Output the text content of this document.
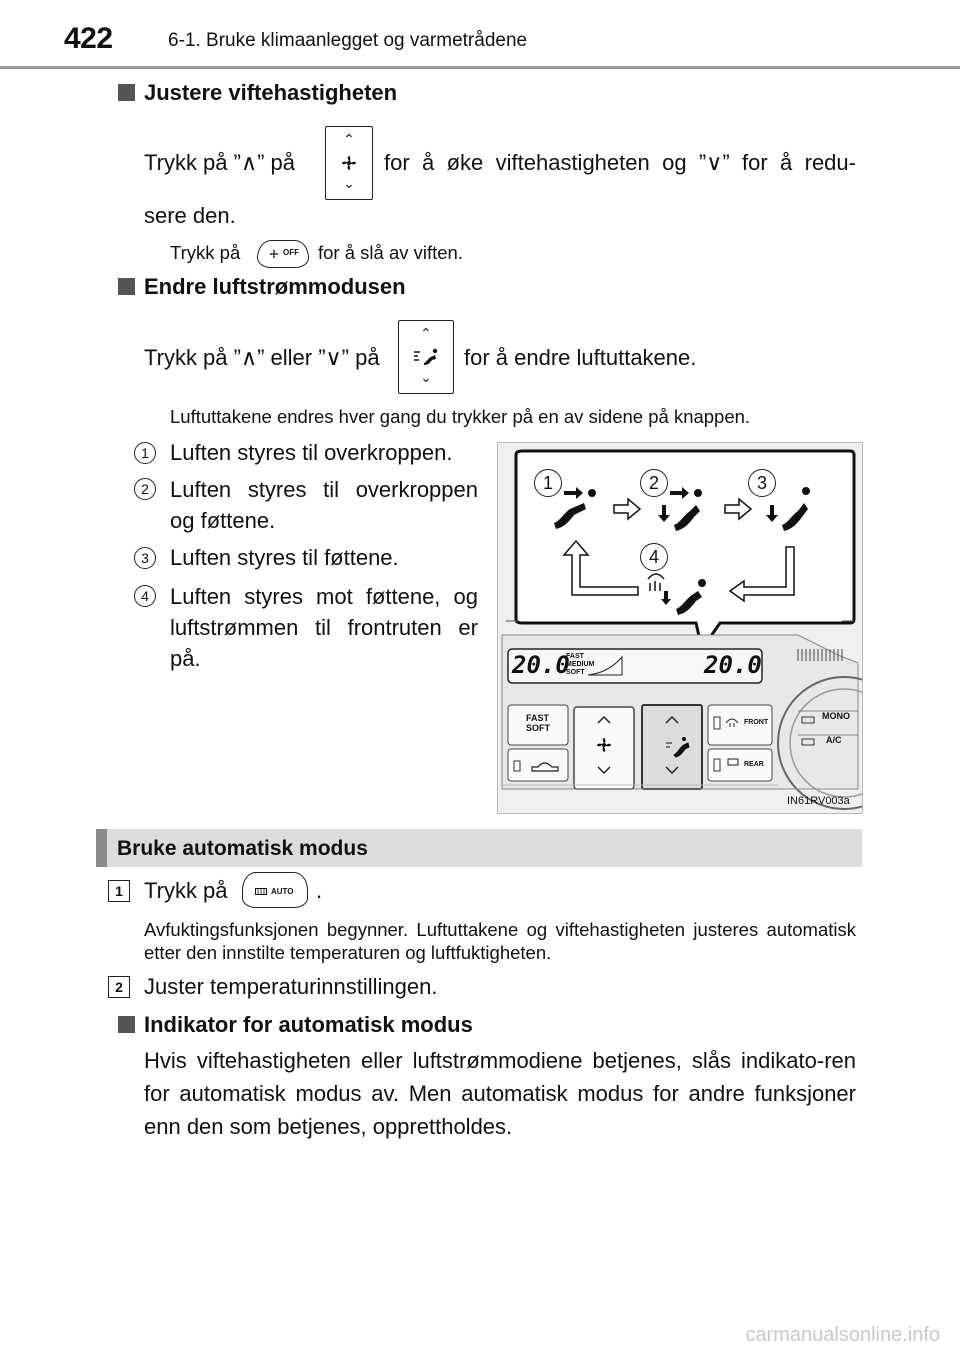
422	6-1. Bruke klimaanlegget og varmetrådene
Justere viftehastigheten
Trykk på ”∧” på
⌃
⌄
for å øke viftehastigheten og ”∨” for å redu-
sere den.
Trykk på	OFF for å slå av viften.
Endre luftstrømmodusen
Trykk på ”∧” eller ”∨” på
⌃
⌄
for å endre luftuttakene.
Luftuttakene endres hver gang du trykker på en av sidene på knappen.
1 Luften styres til overkroppen.
2 Luften styres til overkroppen
og føttene.
3 Luften styres til føttene.
4 Luften styres mot føttene, og
luftstrømmen til frontruten er
på.
1	2	3
4
20.0
FAST
MEDIUM
SOFT	20.0
FAST
SOFT
FRONT
REAR
MONO
A/C
IN61RV003a
Bruke automatisk modus
1 Trykk på	AUTO .
Avfuktingsfunksjonen begynner. Luftuttakene og viftehastigheten justeres automatisk etter den innstilte temperaturen og luftfuktigheten.
2 Juster temperaturinnstillingen.
Indikator for automatisk modus
Hvis viftehastigheten eller luftstrømmodiene betjenes, slås indikato-ren for automatisk modus av. Men automatisk modus for andre funksjoner enn den som betjenes, opprettholdes.
carmanualsonline.info
